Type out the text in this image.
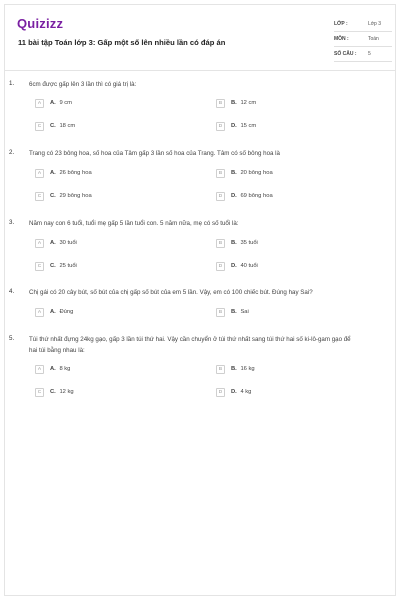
Quizizz
11 bài tập Toán lớp 3: Gấp một số lên nhiều lần có đáp án
LỚP :	Lớp 3
MÔN :	Toán
SỐ CÂU : 5
1. 6cm được gấp lên 3 lần thì có giá trị là:
A	A. 9 cm	B	B. 12 cm
C	C. 18 cm	D	D. 15 cm
2. Trang có 23 bông hoa, số hoa của Tâm gấp 3 lần số hoa của Trang. Tâm có số bông hoa là
A	A. 26 bông hoa	B	B. 20 bông hoa
C	C. 29 bông hoa	D	D. 69 bông hoa
3. Năm nay con 6 tuổi, tuổi mẹ gấp 5 lần tuổi con. 5 năm nữa, mẹ có số tuổi là:
A	A. 30 tuổi	B	B. 35 tuổi
C	C. 25 tuổi	D	D. 40 tuổi
4. Chị gái có 20 cây bút, số bút của chị gấp số bút của em 5 lần. Vậy, em có 100 chiếc bút. Đúng hay Sai?
A	A. Đúng	B	B. Sai
5. Túi thứ nhất đựng 24kg gạo, gấp 3 lần túi thứ hai. Vậy cần chuyển ở túi thứ nhất sang túi thứ hai số ki-lô-gam gạo để hai túi bằng nhau là:
A	A. 8 kg	B	B. 16 kg
C	C. 12 kg	D	D. 4 kg
